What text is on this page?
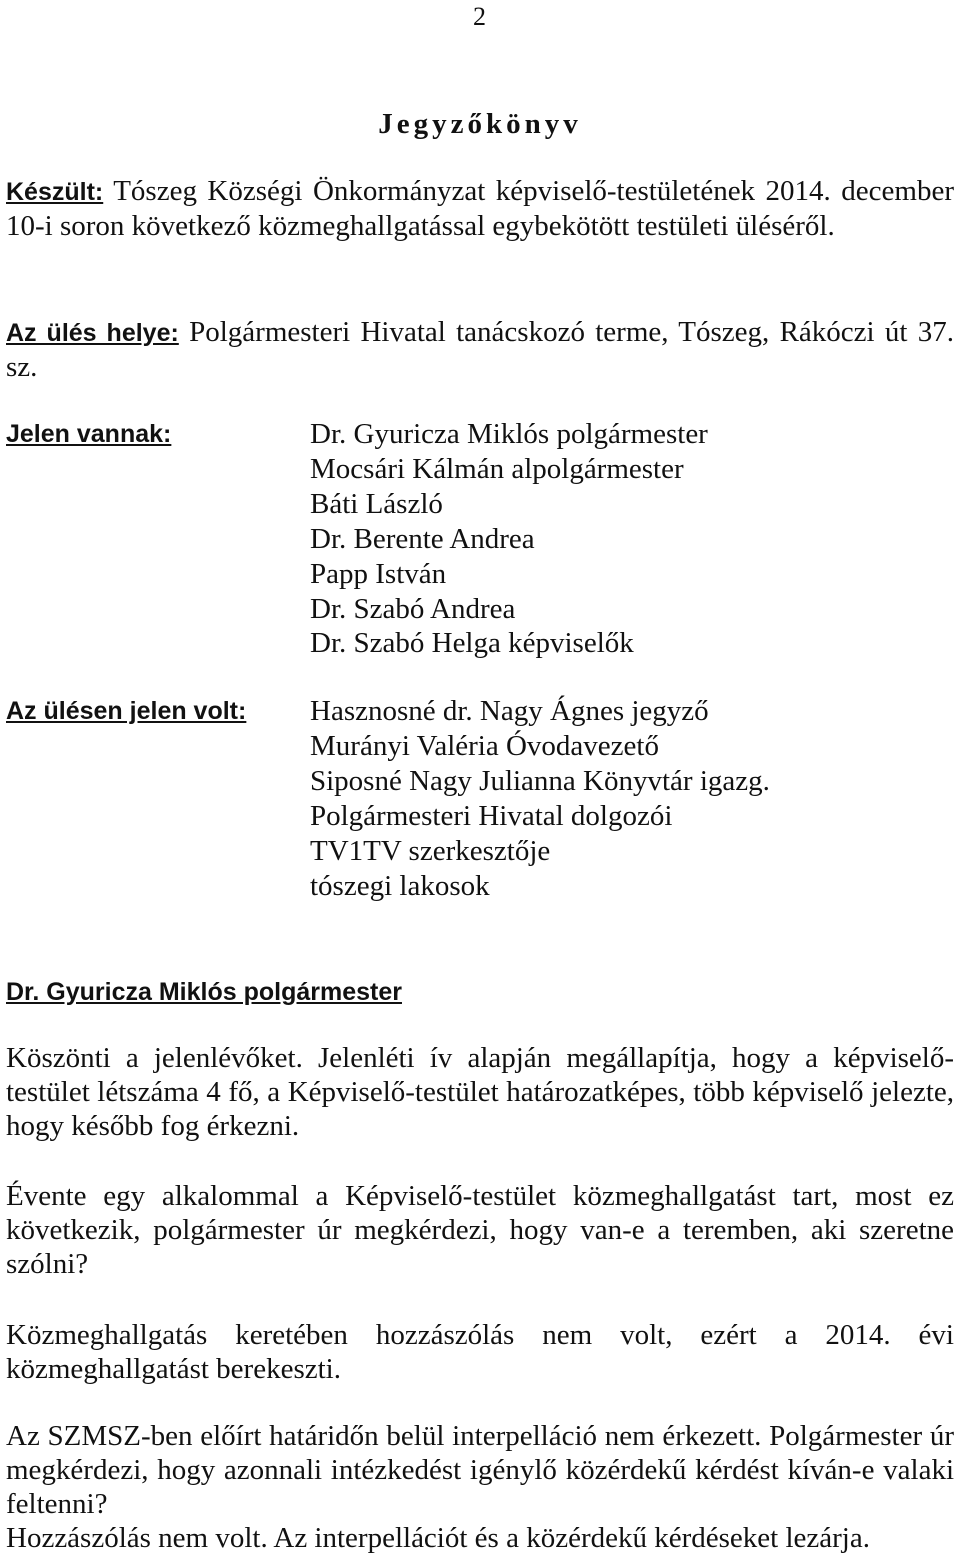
2
Jegyzőkönyv
Készült: Tószeg Községi Önkormányzat képviselő-testületének 2014. december 10-i soron következő közmeghallgatással egybekötött testületi üléséről.
Az ülés helye: Polgármesteri Hivatal tanácskozó terme, Tószeg, Rákóczi út 37. sz.
Jelen vannak:	Dr. Gyuricza Miklós polgármester
Mocsári Kálmán alpolgármester
Báti László
Dr. Berente Andrea
Papp István
Dr. Szabó Andrea
Dr. Szabó Helga képviselők
Az ülésen jelen volt: Hasznosné dr. Nagy Ágnes jegyző
Murányi Valéria Óvodavezető
Siposné Nagy Julianna Könyvtár igazg.
Polgármesteri Hivatal dolgozói
TV1TV szerkesztője
tószegi lakosok
Dr. Gyuricza Miklós polgármester
Köszönti a jelenlévőket. Jelenléti ív alapján megállapítja, hogy a képviselő-testület létszáma 4 fő, a Képviselő-testület határozatképes, több képviselő jelezte, hogy később fog érkezni.
Évente egy alkalommal a Képviselő-testület közmeghallgatást tart, most ez következik, polgármester úr megkérdezi, hogy van-e a teremben, aki szeretne szólni?
Közmeghallgatás keretében hozzászólás nem volt, ezért a 2014. évi közmeghallgatást berekeszti.
Az SZMSZ-ben előírt határidőn belül interpelláció nem érkezett. Polgármester úr megkérdezi, hogy azonnali intézkedést igénylő közérdekű kérdést kíván-e valaki feltenni?
Hozzászólás nem volt. Az interpellációt és a közérdekű kérdéseket lezárja.
